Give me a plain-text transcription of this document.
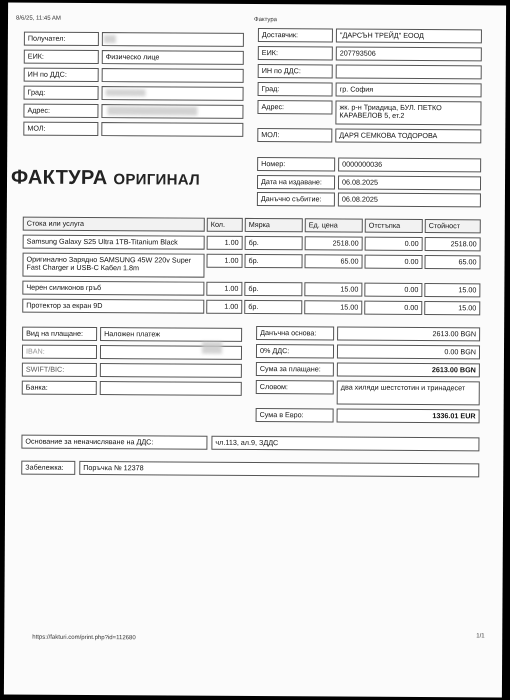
8/6/25, 11:45 AM	Фактура
Получател:
ЕИК:	Физическо лице
ИН по ДДС:
Град:
Адрес:
МОЛ:
Доставчик:	"ДАРСЪН ТРЕЙД" ЕООД
ЕИК:	207793506
ИН по ДДС:
Град:	гр. София
Адрес:	жк. р-н Триадица, БУЛ. ПЕТКО КАРАВЕЛОВ 5, ет.2
МОЛ:	ДАРЯ СЕМКОВА ТОДОРОВА
ФАКТУРА ОРИГИНАЛ
Номер:	0000000036
Дата на издаване:	06.08.2025
Данъчно събитие:	06.08.2025
Стока или услуга	Кол.	Мярка	Ед. цена	Отстъпка	Стойност
Samsung Galaxy S25 Ultra 1TB-Titanium Black	1.00	бр.	2518.00	0.00	2518.00
Оригинално Зарядно SAMSUNG 45W 220v Super Fast Charger и USB-C Кабел 1.8m
1.00	бр.	65.00	0.00	65.00
Черен силиконов гръб	1.00	бр.	15.00	0.00	15.00
Протектор за екран 9D	1.00	бр.	15.00	0.00	15.00
Вид на плащане:	Наложен платеж
IBAN:
SWIFT/BIC:
Банка:
Данъчна основа:	2613.00 BGN
0% ДДС:	0.00 BGN
Сума за плащане:	2613.00 BGN
Словом:	два хиляди шестстотин и тринадесет
Сума в Евро:	1336.01 EUR
Основание за неначисляване на ДДС:	чл.113, ал.9, ЗДДС
Забележка:	Поръчка № 12378
https://fakturi.com/print.php?id=112680	1/1
